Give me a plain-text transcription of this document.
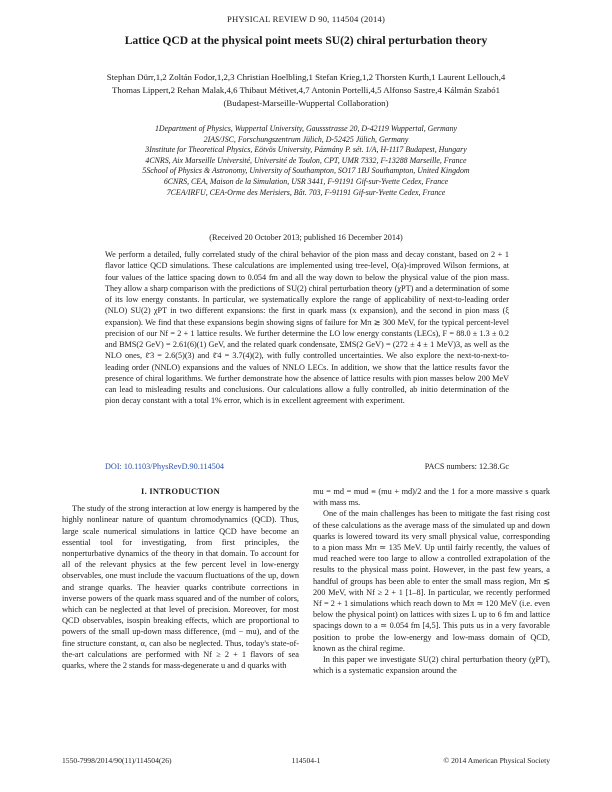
PHYSICAL REVIEW D 90, 114504 (2014)
Lattice QCD at the physical point meets SU(2) chiral perturbation theory
Stephan Dürr,1,2 Zoltán Fodor,1,2,3 Christian Hoelbling,1 Stefan Krieg,1,2 Thorsten Kurth,1 Laurent Lellouch,4
Thomas Lippert,2 Rehan Malak,4,6 Thibaut Métivet,4,7 Antonin Portelli,4,5 Alfonso Sastre,4 Kálmán Szabó1
(Budapest-Marseille-Wuppertal Collaboration)
1Department of Physics, Wuppertal University, Gaussstrasse 20, D-42119 Wuppertal, Germany
2IAS/JSC, Forschungszentrum Jülich, D-52425 Jülich, Germany
3Institute for Theoretical Physics, Eötvös University, Pázmány P. sét. 1/A, H-1117 Budapest, Hungary
4CNRS, Aix Marseille Université, Université de Toulon, CPT, UMR 7332, F-13288 Marseille, France
5School of Physics & Astronomy, University of Southampton, SO17 1BJ Southampton, United Kingdom
6CNRS, CEA, Maison de la Simulation, USR 3441, F-91191 Gif-sur-Yvette Cedex, France
7CEA/IRFU, CEA-Orme des Merisiers, Bât. 703, F-91191 Gif-sur-Yvette Cedex, France
(Received 20 October 2013; published 16 December 2014)
We perform a detailed, fully correlated study of the chiral behavior of the pion mass and decay constant, based on 2 + 1 flavor lattice QCD simulations. These calculations are implemented using tree-level, O(a)-improved Wilson fermions, at four values of the lattice spacing down to 0.054 fm and all the way down to below the physical value of the pion mass. They allow a sharp comparison with the predictions of SU(2) chiral perturbation theory (χPT) and a determination of some of its low energy constants. In particular, we systematically explore the range of applicability of next-to-leading order (NLO) SU(2) χPT in two different expansions: the first in quark mass (x expansion), and the second in pion mass (ξ expansion). We find that these expansions begin showing signs of failure for Mπ ≳ 300 MeV, for the typical percent-level precision of our Nf = 2 + 1 lattice results. We further determine the LO low energy constants (LECs), F = 88.0 ± 1.3 ± 0.2 and BMS(2 GeV) = 2.61(6)(1) GeV, and the related quark condensate, ΣMS(2 GeV) = (272 ± 4 ± 1 MeV)3, as well as the NLO ones, ℓ̄3 = 2.6(5)(3) and ℓ̄4 = 3.7(4)(2), with fully controlled uncertainties. We also explore the next-to-next-to-leading order (NNLO) expansions and the values of NNLO LECs. In addition, we show that the lattice results favor the presence of chiral logarithms. We further demonstrate how the absence of lattice results with pion masses below 200 MeV can lead to misleading results and conclusions. Our calculations allow a fully controlled, ab initio determination of the pion decay constant with a total 1% error, which is in excellent agreement with experiment.
DOI: 10.1103/PhysRevD.90.114504	PACS numbers: 12.38.Gc
I. INTRODUCTION

The study of the strong interaction at low energy is hampered by the highly nonlinear nature of quantum chromodynamics (QCD). Thus, large scale numerical simulations in lattice QCD have become an essential tool for investigating, from first principles, the nonperturbative dynamics of the theory in that domain. To account for all of the relevant physics at the few percent level in low-energy observables, one must include the vacuum fluctuations of the up, down and strange quarks. The heavier quarks contribute corrections in inverse powers of the quark mass squared and of the number of colors, which can be neglected at that level of precision. Moreover, for most QCD observables, isospin breaking effects, which are proportional to powers of the small up-down mass difference, (md − mu), and of the fine structure constant, α, can also be neglected. Thus, today's state-of-the-art calculations are performed with Nf ≥ 2 + 1 flavors of sea quarks, where the 2 stands for mass-degenerate u and d quarks with

mu = md = mud ≡ (mu + md)/2 and the 1 for a more massive s quark with mass ms.

One of the main challenges has been to mitigate the fast rising cost of these calculations as the average mass of the simulated up and down quarks is lowered toward its very small physical value, corresponding to a pion mass Mπ ≃ 135 MeV. Up until fairly recently, the values of mud reached were too large to allow a controlled extrapolation of the results to the physical mass point. However, in the past few years, a handful of groups has been able to enter the small mass region, Mπ ≲ 200 MeV, with Nf ≥ 2 + 1 [1–8]. In particular, we recently performed Nf = 2 + 1 simulations which reach down to Mπ ≃ 120 MeV (i.e. even below the physical point) on lattices with sizes L up to 6 fm and lattice spacings down to a ≃ 0.054 fm [4,5]. This puts us in a very favorable position to probe the low-energy and low-mass domain of QCD, known as the chiral regime.

In this paper we investigate SU(2) chiral perturbation theory (χPT), which is a systematic expansion around the

1550-7998/2014/90(11)/114504(26)	114504-1	© 2014 American Physical Society
